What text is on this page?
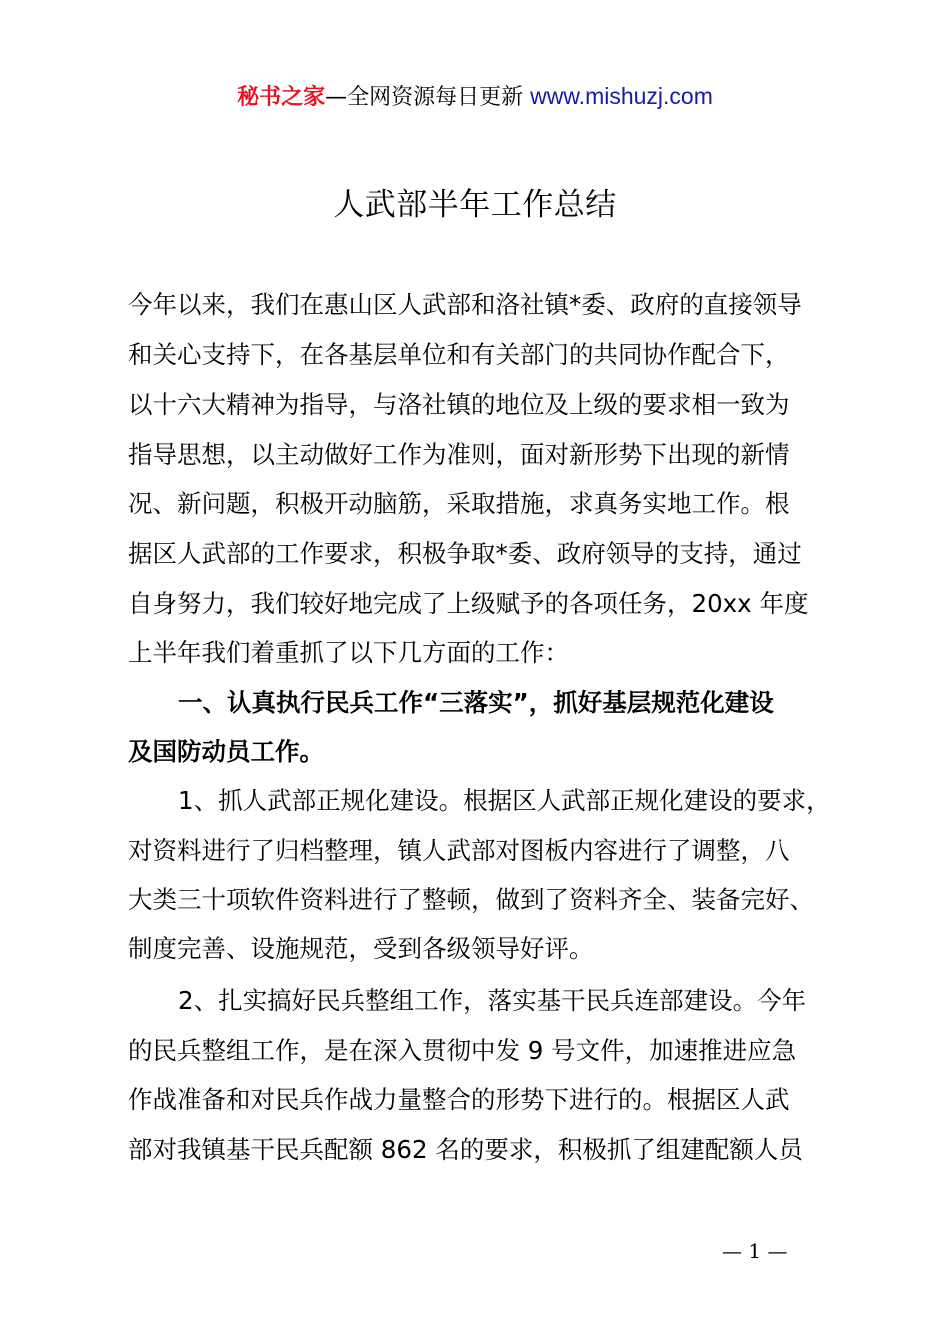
秘书之家—全网资源每日更新 www.mishuzj.com
人武部半年工作总结
今年以来，我们在惠山区人武部和洛社镇*委、政府的直接领导
和关心支持下，在各基层单位和有关部门的共同协作配合下，
以十六大精神为指导，与洛社镇的地位及上级的要求相一致为
指导思想，以主动做好工作为准则，面对新形势下出现的新情
况、新问题，积极开动脑筋，采取措施，求真务实地工作。根
据区人武部的工作要求，积极争取*委、政府领导的支持，通过
自身努力，我们较好地完成了上级赋予的各项任务，20xx 年度
上半年我们着重抓了以下几方面的工作：
一、认真执行民兵工作“三落实”，抓好基层规范化建设
及国防动员工作。
1、抓人武部正规化建设。根据区人武部正规化建设的要求，
对资料进行了归档整理，镇人武部对图板内容进行了调整，八
大类三十项软件资料进行了整顿，做到了资料齐全、装备完好、
制度完善、设施规范，受到各级领导好评。
2、扎实搞好民兵整组工作，落实基干民兵连部建设。今年
的民兵整组工作，是在深入贯彻中发 9 号文件，加速推进应急
作战准备和对民兵作战力量整合的形势下进行的。根据区人武
部对我镇基干民兵配额 862 名的要求，积极抓了组建配额人员
— 1 —
